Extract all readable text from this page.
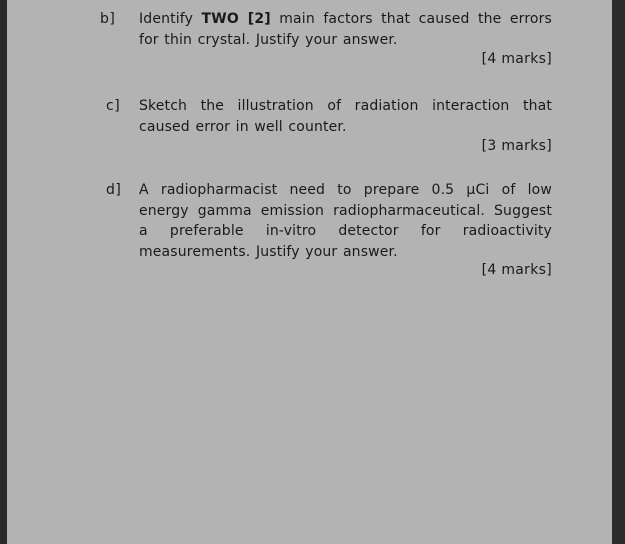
b] Identify TWO [2] main factors that caused the errors for thin crystal. Justify your answer.
[4 marks]
c] Sketch the illustration of radiation interaction that caused error in well counter.
[3 marks]
d] A radiopharmacist need to prepare 0.5 µCi of low energy gamma emission radiopharmaceutical. Suggest a preferable in-vitro detector for radioactivity measurements. Justify your answer.
[4 marks]
